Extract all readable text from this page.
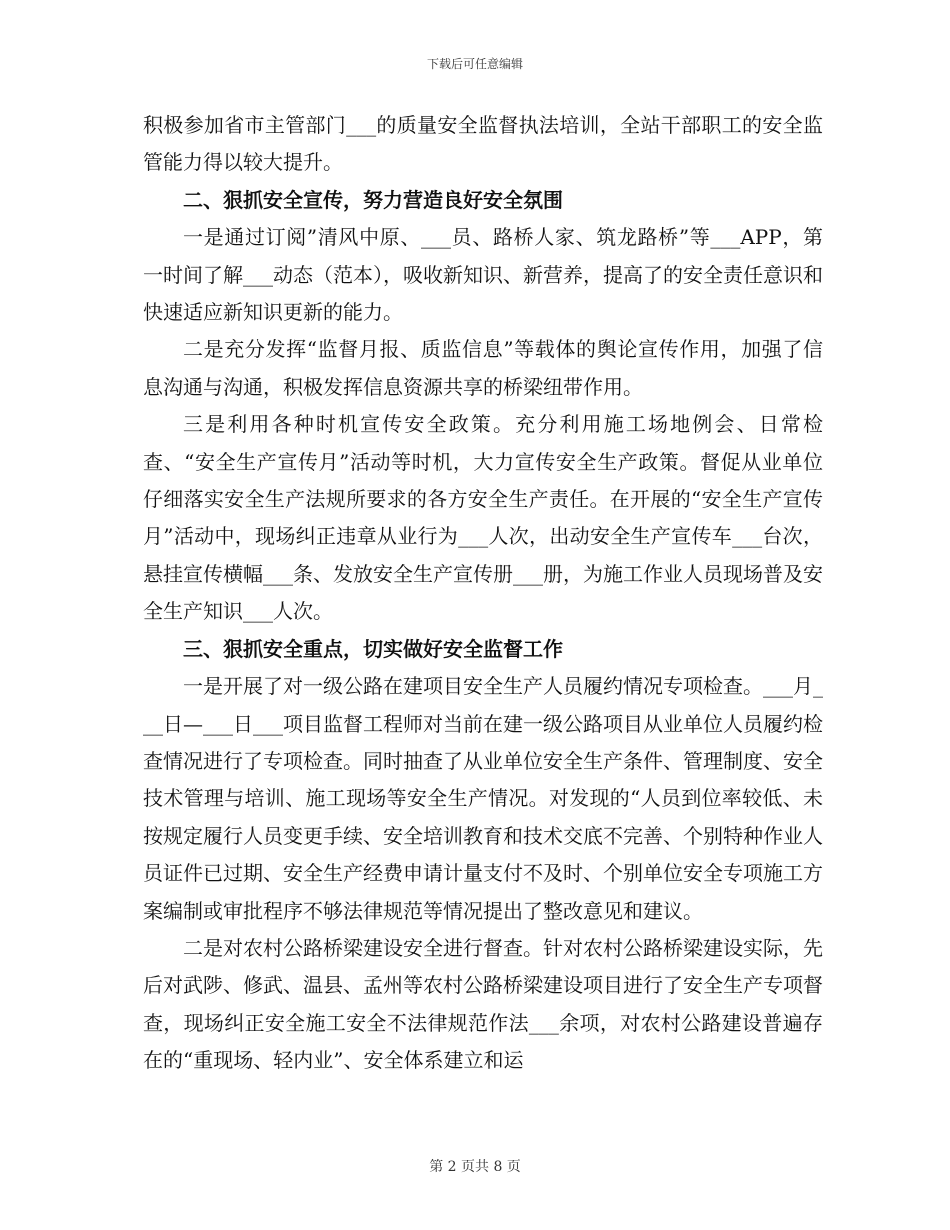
下载后可任意编辑

积极参加省市主管部门___的质量安全监督执法培训，全站干部职工的安全监管能力得以较大提升。

二、狠抓安全宣传，努力营造良好安全氛围

一是通过订阅”清风中原、___员、路桥人家、筑龙路桥”等___APP，第一时间了解___动态（范本），吸收新知识、新营养，提高了的安全责任意识和快速适应新知识更新的能力。

二是充分发挥“监督月报、质监信息”等载体的舆论宣传作用，加强了信息沟通与沟通，积极发挥信息资源共享的桥梁纽带作用。

三是利用各种时机宣传安全政策。充分利用施工场地例会、日常检查、“安全生产宣传月”活动等时机，大力宣传安全生产政策。督促从业单位仔细落实安全生产法规所要求的各方安全生产责任。在开展的“安全生产宣传月”活动中，现场纠正违章从业行为___人次，出动安全生产宣传车___台次，悬挂宣传横幅___条、发放安全生产宣传册___册，为施工作业人员现场普及安全生产知识___人次。

三、狠抓安全重点，切实做好安全监督工作

一是开展了对一级公路在建项目安全生产人员履约情况专项检查。___月___日—___日___项目监督工程师对当前在建一级公路项目从业单位人员履约检查情况进行了专项检查。同时抽查了从业单位安全生产条件、管理制度、安全技术管理与培训、施工现场等安全生产情况。对发现的“人员到位率较低、未按规定履行人员变更手续、安全培训教育和技术交底不完善、个别特种作业人员证件已过期、安全生产经费申请计量支付不及时、个别单位安全专项施工方案编制或审批程序不够法律规范等情况提出了整改意见和建议。

二是对农村公路桥梁建设安全进行督查。针对农村公路桥梁建设实际，先后对武陟、修武、温县、孟州等农村公路桥梁建设项目进行了安全生产专项督查，现场纠正安全施工安全不法律规范作法___余项，对农村公路建设普遍存在的“重现场、轻内业”、安全体系建立和运

第 2 页共 8 页
